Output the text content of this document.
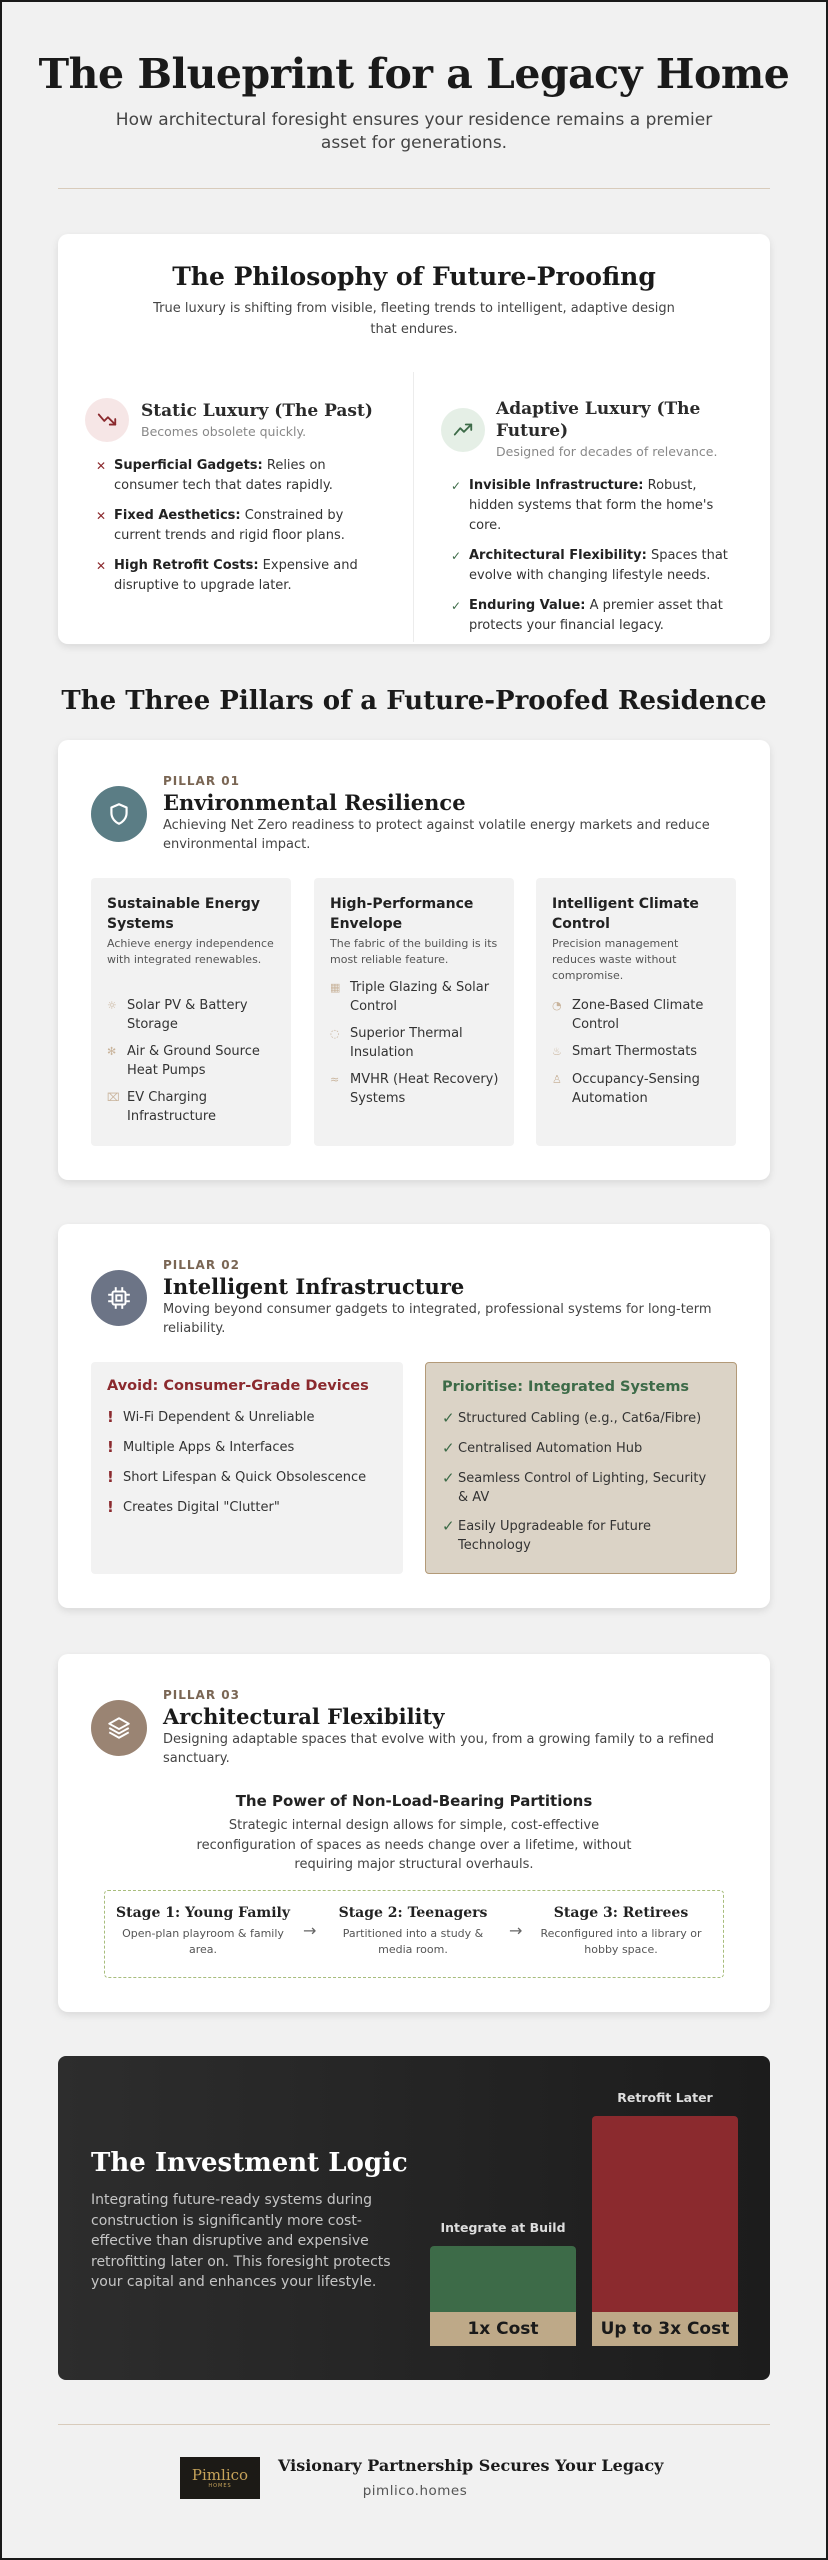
The Blueprint for a Legacy Home
How architectural foresight ensures your residence remains a premier asset for generations.
The Philosophy of Future-Proofing
True luxury is shifting from visible, fleeting trends to intelligent, adaptive design that endures.
Static Luxury (The Past)
Becomes obsolete quickly.
✕ Superficial Gadgets: Relies on consumer tech that dates rapidly.
✕ Fixed Aesthetics: Constrained by current trends and rigid floor plans.
✕ High Retrofit Costs: Expensive and disruptive to upgrade later.
Adaptive Luxury (The Future)
Designed for decades of relevance.
✓ Invisible Infrastructure: Robust, hidden systems that form the home's core.
✓ Architectural Flexibility: Spaces that evolve with changing lifestyle needs.
✓ Enduring Value: A premier asset that protects your financial legacy.
The Three Pillars of a Future-Proofed Residence
PILLAR 01
Environmental Resilience
Achieving Net Zero readiness to protect against volatile energy markets and reduce environmental impact.
Sustainable Energy Systems
Achieve energy independence with integrated renewables.
☼ Solar PV & Battery Storage
✻ Air & Ground Source Heat Pumps
⌧ EV Charging Infrastructure
High-Performance Envelope
The fabric of the building is its most reliable feature.
▦ Triple Glazing & Solar Control
◌ Superior Thermal Insulation
≈ MVHR (Heat Recovery) Systems
Intelligent Climate Control
Precision management reduces waste without compromise.
◔ Zone-Based Climate Control
♨ Smart Thermostats
♙ Occupancy-Sensing Automation
PILLAR 02
Intelligent Infrastructure
Moving beyond consumer gadgets to integrated, professional systems for long-term reliability.
Avoid: Consumer-Grade Devices
! Wi-Fi Dependent & Unreliable
! Multiple Apps & Interfaces
! Short Lifespan & Quick Obsolescence
! Creates Digital "Clutter"
Prioritise: Integrated Systems
✓ Structured Cabling (e.g., Cat6a/Fibre)
✓ Centralised Automation Hub
✓ Seamless Control of Lighting, Security & AV
✓ Easily Upgradeable for Future Technology
PILLAR 03
Architectural Flexibility
Designing adaptable spaces that evolve with you, from a growing family to a refined sanctuary.
The Power of Non-Load-Bearing Partitions
Strategic internal design allows for simple, cost-effective reconfiguration of spaces as needs change over a lifetime, without requiring major structural overhauls.
Stage 1: Young Family
Open-plan playroom & family area.
→
Stage 2: Teenagers
Partitioned into a study & media room.
→
Stage 3: Retirees
Reconfigured into a library or hobby space.
The Investment Logic
Integrating future-ready systems during construction is significantly more cost-effective than disruptive and expensive retrofitting later on. This foresight protects your capital and enhances your lifestyle.
1x Cost
Integrate at Build
Up to 3x Cost
Retrofit Later
Pimlico
HOMES
Visionary Partnership Secures Your Legacy
pimlico.homes
